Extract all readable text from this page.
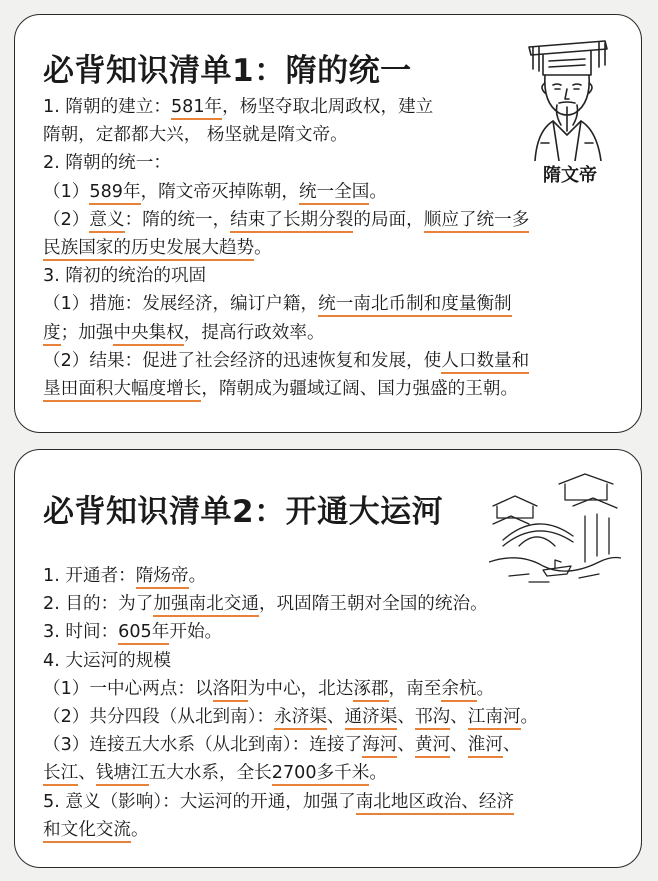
必背知识清单1：隋的统一
隋文帝
1. 隋朝的建立：581年，杨坚夺取北周政权，建立
隋朝，定都都大兴， 杨坚就是隋文帝。
2. 隋朝的统一：
（1）589年，隋文帝灭掉陈朝，统一全国。
（2）意义：隋的统一，结束了长期分裂的局面，顺应了统一多
民族国家的历史发展大趋势。
3. 隋初的统治的巩固
（1）措施：发展经济，编订户籍，统一南北币制和度量衡制
度；加强中央集权，提高行政效率。
（2）结果：促进了社会经济的迅速恢复和发展，使人口数量和
垦田面积大幅度增长，隋朝成为疆域辽阔、国力强盛的王朝。
必背知识清单2：开通大运河
1. 开通者：隋炀帝。
2. 目的：为了加强南北交通，巩固隋王朝对全国的统治。
3. 时间：605年开始。
4. 大运河的规模
（1）一中心两点：以洛阳为中心，北达涿郡，南至余杭。
（2）共分四段（从北到南）：永济渠、通济渠、邗沟、江南河。
（3）连接五大水系（从北到南）：连接了海河、黄河、淮河、
长江、钱塘江五大水系，全长2700多千米。
5. 意义（影响）：大运河的开通，加强了南北地区政治、经济
和文化交流。
